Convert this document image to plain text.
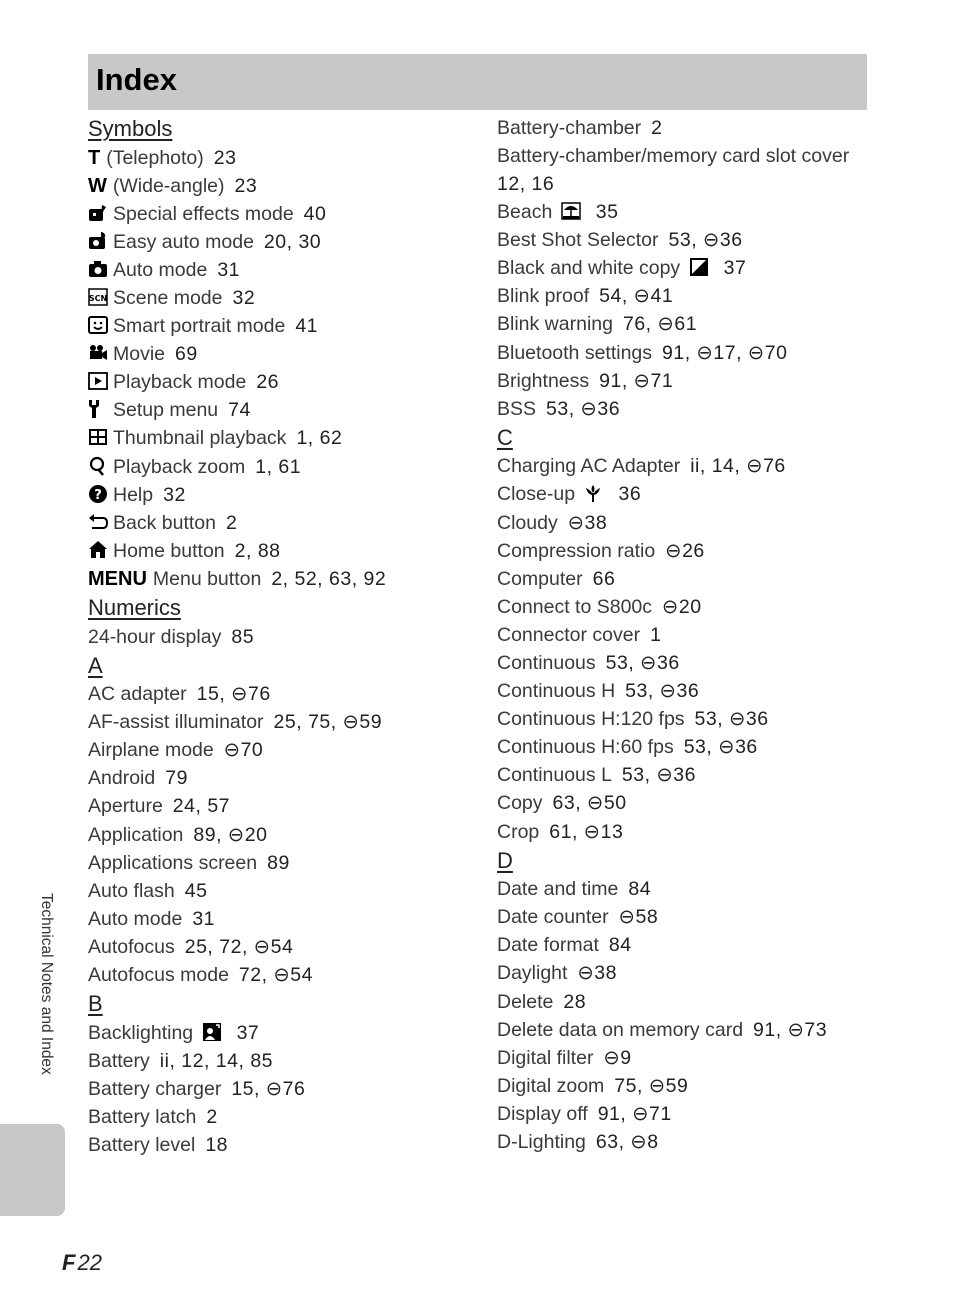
Index
Symbols
T (Telephoto) 23
W (Wide-angle) 23
Special effects mode 40
Easy auto mode 20, 30
Auto mode 31
SCN Scene mode 32
Smart portrait mode 41
Movie 69
Playback mode 26
Setup menu 74
Thumbnail playback 1, 62
Playback zoom 1, 61
? Help 32
Back button 2
Home button 2, 88
MENU Menu button 2, 52, 63, 92
Numerics
24-hour display 85
A
AC adapter 15, ⊖76
AF-assist illuminator 25, 75, ⊖59
Airplane mode ⊖70
Android 79
Aperture 24, 57
Application 89, ⊖20
Applications screen 89
Auto flash 45
Auto mode 31
Autofocus 25, 72, ⊖54
Autofocus mode 72, ⊖54
B
Backlighting 37
Battery ii, 12, 14, 85
Battery charger 15, ⊖76
Battery latch 2
Battery level 18
Battery-chamber 2
Battery-chamber/memory card slot cover
12, 16
Beach 35
Best Shot Selector 53, ⊖36
Black and white copy 37
Blink proof 54, ⊖41
Blink warning 76, ⊖61
Bluetooth settings 91, ⊖17, ⊖70
Brightness 91, ⊖71
BSS 53, ⊖36
C
Charging AC Adapter ii, 14, ⊖76
Close-up 36
Cloudy ⊖38
Compression ratio ⊖26
Computer 66
Connect to S800c ⊖20
Connector cover 1
Continuous 53, ⊖36
Continuous H 53, ⊖36
Continuous H:120 fps 53, ⊖36
Continuous H:60 fps 53, ⊖36
Continuous L 53, ⊖36
Copy 63, ⊖50
Crop 61, ⊖13
D
Date and time 84
Date counter ⊖58
Date format 84
Daylight ⊖38
Delete 28
Delete data on memory card 91, ⊖73
Digital filter ⊖9
Digital zoom 75, ⊖59
Display off 91, ⊖71
D-Lighting 63, ⊖8
Technical Notes and Index
F22
